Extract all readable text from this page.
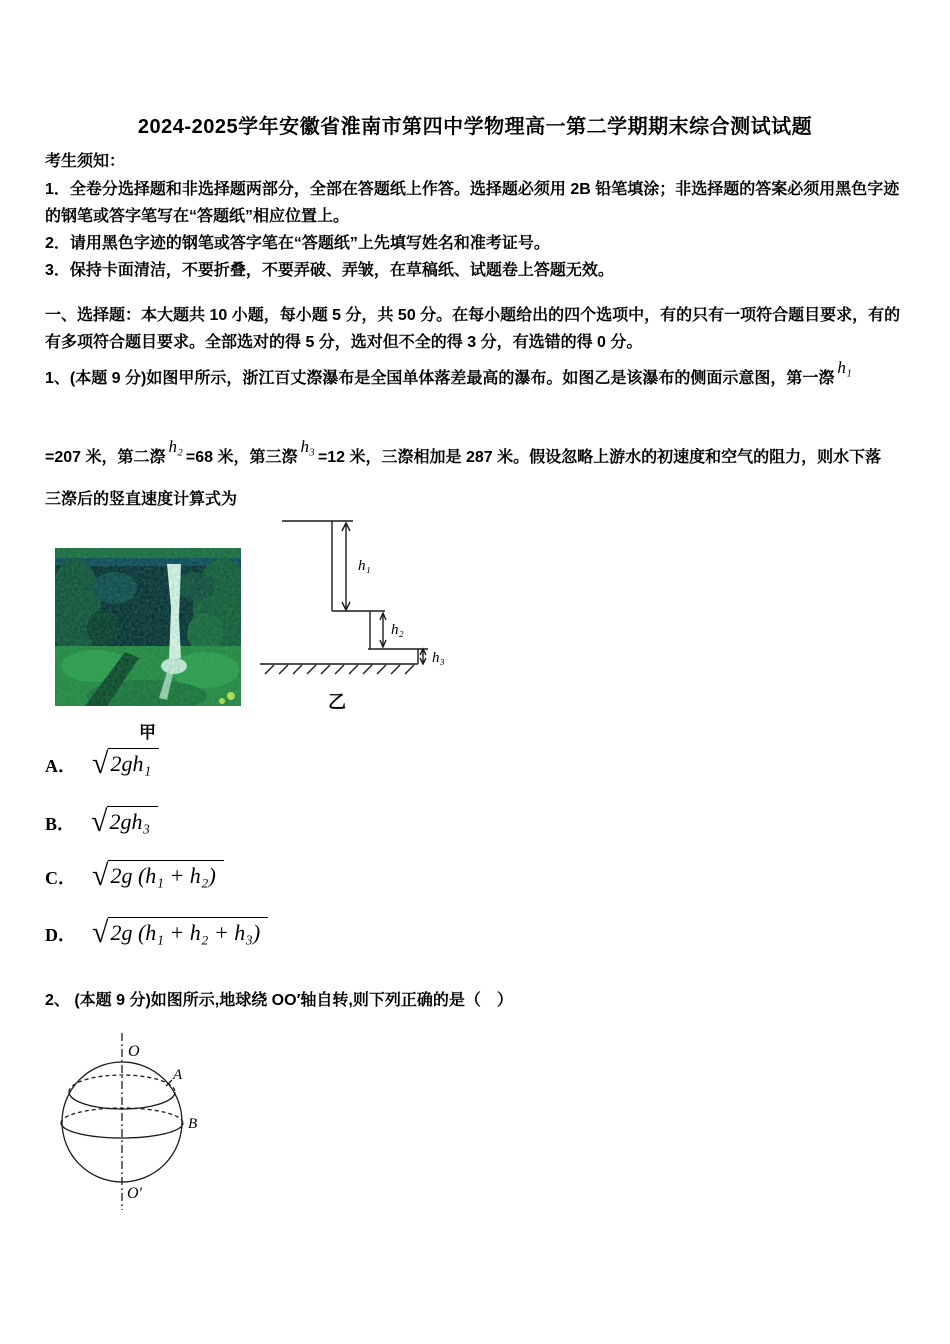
2024-2025学年安徽省淮南市第四中学物理高一第二学期期末综合测试试题

考生须知：

1．全卷分选择题和非选择题两部分，全部在答题纸上作答。选择题必须用 2B 铅笔填涂；非选择题的答案必须用黑色字迹的钢笔或答字笔写在“答题纸”相应位置上。

2．请用黑色字迹的钢笔或答字笔在“答题纸”上先填写姓名和准考证号。

3．保持卡面清洁，不要折叠，不要弄破、弄皱，在草稿纸、试题卷上答题无效。

一、选择题：本大题共 10 小题，每小题 5 分，共 50 分。在每小题给出的四个选项中，有的只有一项符合题目要求，有的有多项符合题目要求。全部选对的得 5 分，选对但不全的得 3 分，有选错的得 0 分。

1、(本题 9 分)如图甲所示，浙江百丈漈瀑布是全国单体落差最高的瀑布。如图乙是该瀑布的侧面示意图，第一漈h₁

=207 米，第二漈h₂=68 米，第三漈h₃=12 米，三漈相加是 287 米。假设忽略上游水的初速度和空气的阻力，则水下落

三漈后的竖直速度计算式为

甲
h₁
h₂
h₃
乙
A． √ 2gh₁
B． √ 2gh₃
C． √ 2g (h₁ + h₂)
D． √ 2g (h₁ + h₂ + h₃)

2、 (本题 9 分)如图所示,地球绕 OO′轴自转,则下列正确的是（　）

O
A
B
O′
